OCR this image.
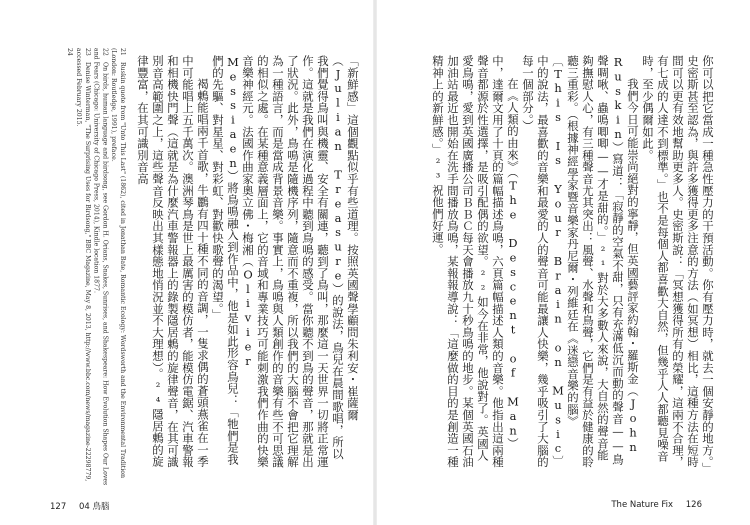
21　Ruskin quote from "Unto This Last" (1862), cited in Jonathan Bate, Romantic Ecology: Wordsworth and the Environmental Tradition (London: Routledge, 1991), preface.

22　On birds, human language and birdsong, see Gordon H. Orians, Snakes, Sunrises, and Shakespeare: How Evolution Shapes Our Loves and Fears (Chicago: University of Chicago Press, 2014), Kindle location 1877.

23　Denise Winterman, "The Surprising Uses for Birdsong," BBC Magazine, May 8, 2013, http://www.bbc.com/news/magazine-22298779, accessed February 2015.

24　	「新鮮感」這個觀點似乎有些道理。按照英國聲學顧問朱利安・崔薩爾（Julian Treasure）的說法，鳥兒在晨間歌唱，所以我們覺得鳥叫與機靈、安全有關連，聽到了鳥叫，那麼這一天世界一切將正常運作。這就是我們在演化過程中聽到鳥鳴的感受。當你聽不到鳥的聲音，那就是出了狀況。此外，鳥鳴是隨機序列，隨意而不重複，所以我們的大腦不會把它理解為一種語言，而是當成背景音樂。事實上，鳥鳴與人類創作的音樂有些不可思議的相似之處。在某種意義層面上，它的音域和專業技巧可能刺激我們作曲的快樂音樂神經元。法國作曲家奧立佛・梅湘（Olivier Messiaen）將鳥鳴融入到作品中，他是如此形容鳥兒：「牠們是我們的先驅、對星星、對彩虹、對歡快歌聲的渴望。」

褐鶇能唱兩千首歌，牛鸝有四十種不同的音調，一隻求偶的蒼頭燕雀在一季中可能唱上五千萬次。澳洲琴鳥是世上最厲害的模仿者，能模仿電鋸、汽車警報和相機快門聲（這就是為什麼汽車警報器上的錄製隱居鶇的旋律聲音，在其可識別音高範圍之上，這些聲音反映出其樣態地悄況並不大理想）。²⁴隱居鶇的旋律豐富，在其可識別音高

127 04 鳥腦

你可以把它當成一種急性壓力的干預活動。你有壓力時，就去一個安靜的地方。」史密斯甚至認為，與許多獲得更多注意的方法（如冥想）相比，這種方法在短時間可以更有效地幫助更多人。史密斯說：「冥想獲得所有的榮耀，這兩不合理，有七成的人達不到標準。」也不是每個人都喜歡大自然，但幾乎人人都聽見噪音時，至少偶爾如此。

我們今日可能崇尚絕對的寧靜，但英國藝評家約翰・羅斯金（John Ruskin）寫道：「寂靜的空氣不甜，只有充滿低沉而動的聲音——鳥聲啁啾、蟲鳴唧唧——才是甜的。」²¹對於大多數人來說，大自然的聲音能夠撫慰人心，有三種聲音尤其突出：風聲、水聲和鳥聲，它們是有益於健康的聆聽三重彩。（根據神經學家暨音樂家丹尼爾・列維廷在《迷戀音樂的腦》〔This Is Your Brain on Music〕中的說法，最喜歡的音樂和最愛的人的聲音可能最讓人快樂，幾乎吸引了大腦的每一個部分。）

在《人類的由來》（The Descent of Man）中，達爾文用了十頁的篇幅描述鳥鳴，六頁篇幅描述人類的音樂。他指出這兩種聲音都源於性選擇，是吸引配偶的欲望。²²如今在非常，他說對了。英國人愛鳥鳴，愛到英國廣播公司ＢＢＣ每天會播放九十秒鳥鳴的地步。某個英國石油加油站最近也開始在洗手間播放鳥鳴，某報報導說：「這麼做的目的是創造一種精神上的新鮮感。」²³祝他們好運。

The Nature Fix 126
